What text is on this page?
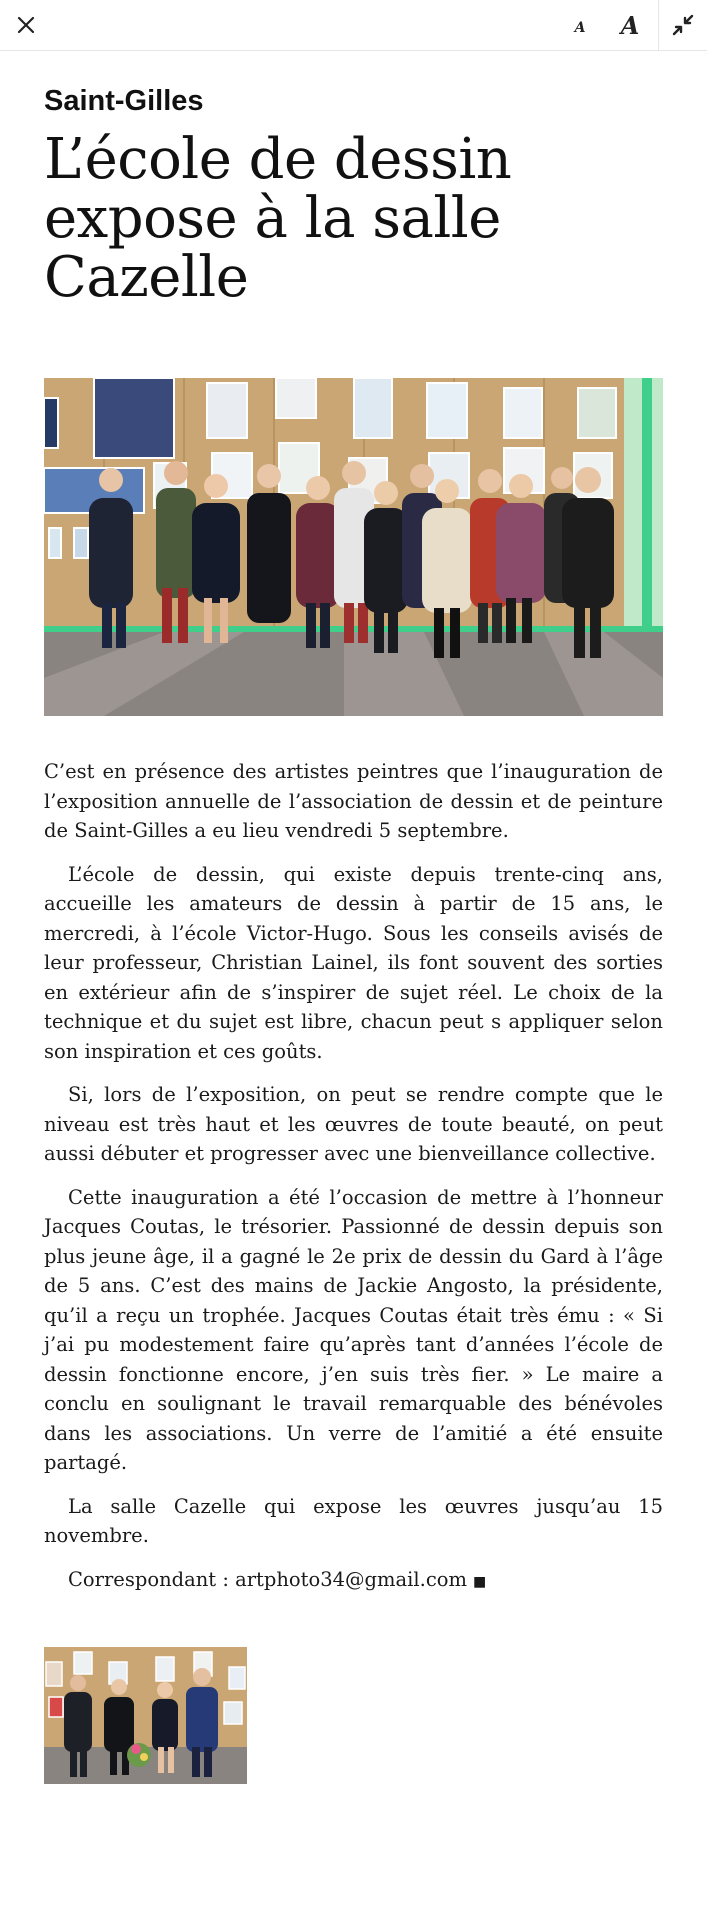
A A
Saint-Gilles
L’école de dessin expose à la salle Cazelle

C’est en présence des artistes peintres que l’inauguration de l’exposition annuelle de l’association de dessin et de peinture de Saint-Gilles a eu lieu vendredi 5 septembre.

L’école de dessin, qui existe depuis trente-cinq ans, accueille les amateurs de dessin à partir de 15 ans, le mercredi, à l’école Victor-Hugo. Sous les conseils avisés de leur professeur, Christian Lainel, ils font souvent des sorties en extérieur afin de s’inspirer de sujet réel. Le choix de la technique et du sujet est libre, chacun peut s appliquer selon son inspiration et ces goûts.

Si, lors de l’exposition, on peut se rendre compte que le niveau est très haut et les œuvres de toute beauté, on peut aussi débuter et progresser avec une bienveillance collective.

Cette inauguration a été l’occasion de mettre à l’honneur Jacques Coutas, le trésorier. Passionné de dessin depuis son plus jeune âge, il a gagné le 2e prix de dessin du Gard à l’âge de 5 ans. C’est des mains de Jackie Angosto, la présidente, qu’il a reçu un trophée. Jacques Coutas était très ému : « Si j’ai pu modestement faire qu’après tant d’années l’école de dessin fonctionne encore, j’en suis très fier. » Le maire a conclu en soulignant le travail remarquable des bénévoles dans les associations. Un verre de l’amitié a été ensuite partagé.

La salle Cazelle qui expose les œuvres jusqu’au 15 novembre.

Correspondant : artphoto34@gmail.com ■
